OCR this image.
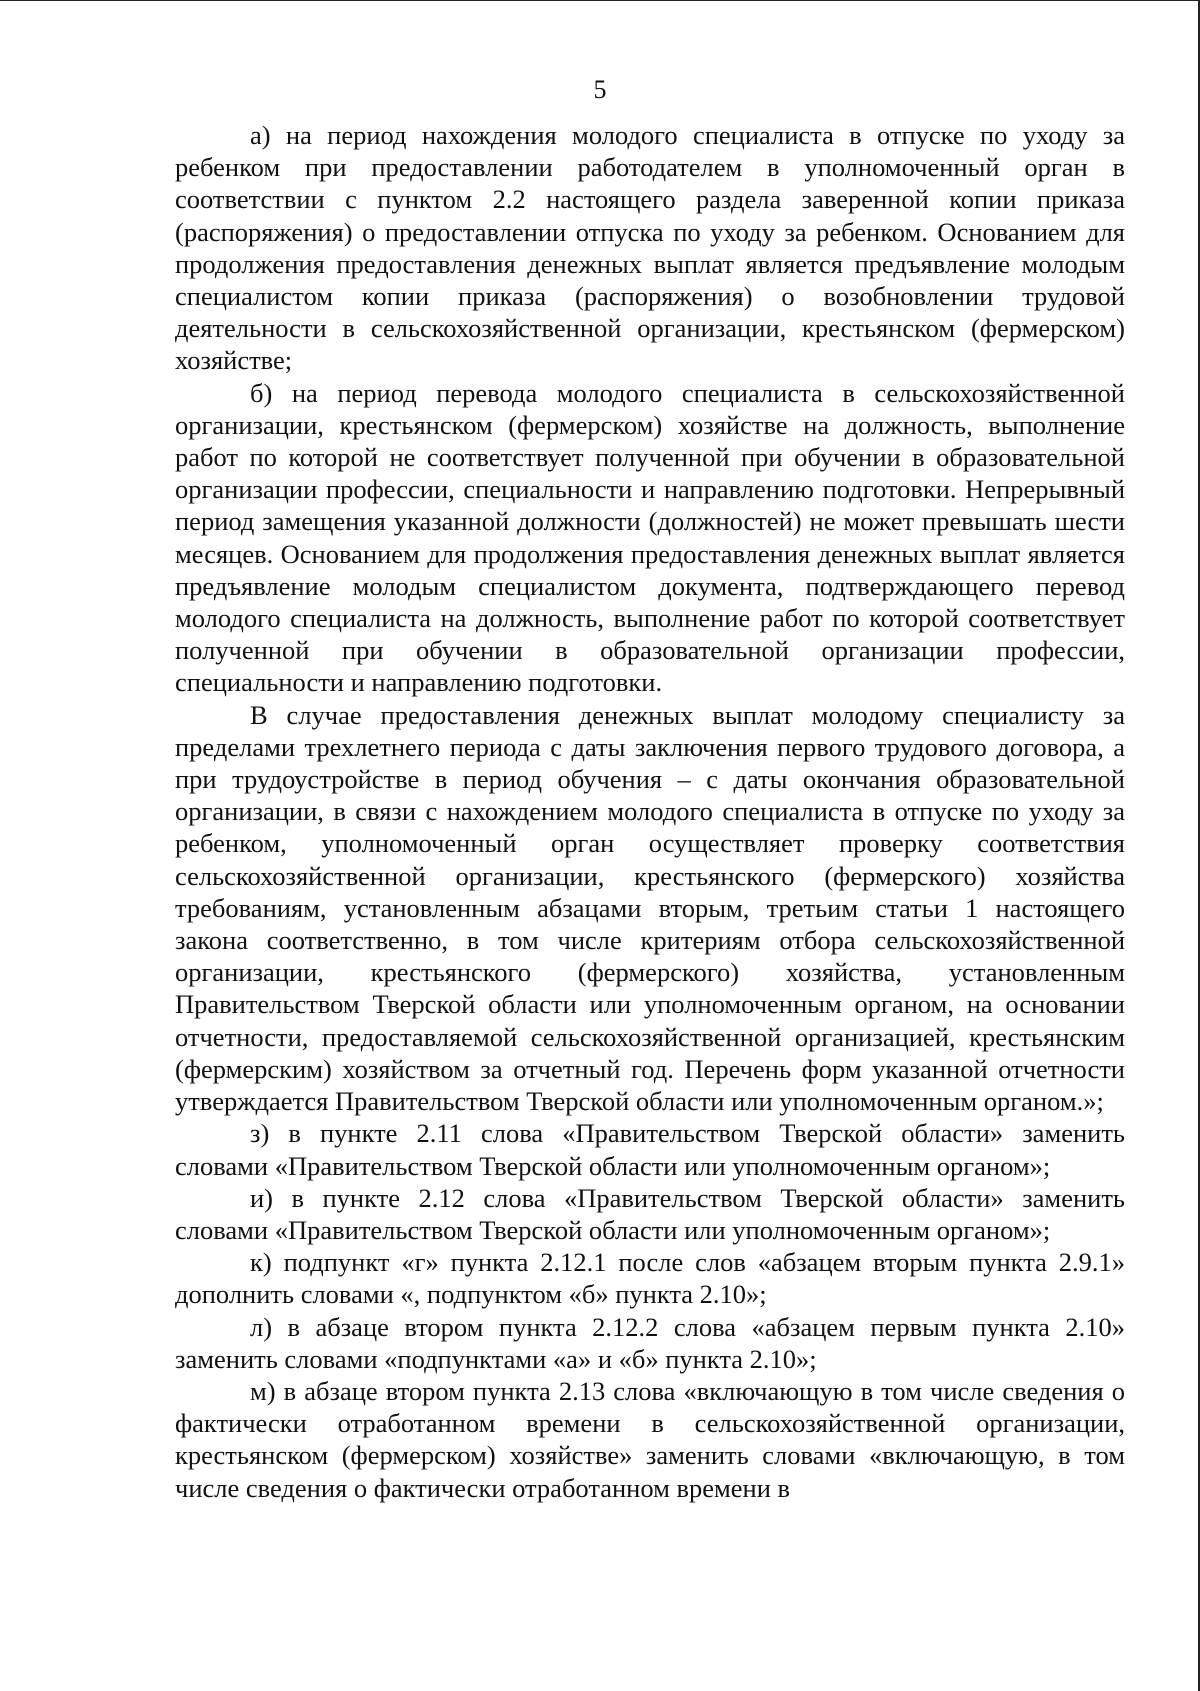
5

а) на период нахождения молодого специалиста в отпуске по уходу за ребенком при предоставлении работодателем в уполномоченный орган в соответствии с пунктом 2.2 настоящего раздела заверенной копии приказа (распоряжения) о предоставлении отпуска по уходу за ребенком. Основанием для продолжения предоставления денежных выплат является предъявление молодым специалистом копии приказа (распоряжения) о возобновлении трудовой деятельности в сельскохозяйственной организации, крестьянском (фермерском) хозяйстве;

б) на период перевода молодого специалиста в сельскохозяйственной организации, крестьянском (фермерском) хозяйстве на должность, выполнение работ по которой не соответствует полученной при обучении в образовательной организации профессии, специальности и направлению подготовки. Непрерывный период замещения указанной должности (должностей) не может превышать шести месяцев. Основанием для продолжения предоставления денежных выплат является предъявление молодым специалистом документа, подтверждающего перевод молодого специалиста на должность, выполнение работ по которой соответствует полученной при обучении в образовательной организации профессии, специальности и направлению подготовки.

В случае предоставления денежных выплат молодому специалисту за пределами трехлетнего периода с даты заключения первого трудового договора, а при трудоустройстве в период обучения – с даты окончания образовательной организации, в связи с нахождением молодого специалиста в отпуске по уходу за ребенком, уполномоченный орган осуществляет проверку соответствия сельскохозяйственной организации, крестьянского (фермерского) хозяйства требованиям, установленным абзацами вторым, третьим статьи 1 настоящего закона соответственно, в том числе критериям отбора сельскохозяйственной организации, крестьянского (фермерского) хозяйства, установленным Правительством Тверской области или уполномоченным органом, на основании отчетности, предоставляемой сельскохозяйственной организацией, крестьянским (фермерским) хозяйством за отчетный год. Перечень форм указанной отчетности утверждается Правительством Тверской области или уполномоченным органом.»;

з) в пункте 2.11 слова «Правительством Тверской области» заменить словами «Правительством Тверской области или уполномоченным органом»;

и) в пункте 2.12 слова «Правительством Тверской области» заменить словами «Правительством Тверской области или уполномоченным органом»;

к) подпункт «г» пункта 2.12.1 после слов «абзацем вторым пункта 2.9.1» дополнить словами «, подпунктом «б» пункта 2.10»;

л) в абзаце втором пункта 2.12.2 слова «абзацем первым пункта 2.10» заменить словами «подпунктами «а» и «б» пункта 2.10»;

м) в абзаце втором пункта 2.13 слова «включающую в том числе сведения о фактически отработанном времени в сельскохозяйственной организации, крестьянском (фермерском) хозяйстве» заменить словами «включающую, в том числе сведения о фактически отработанном времени в
